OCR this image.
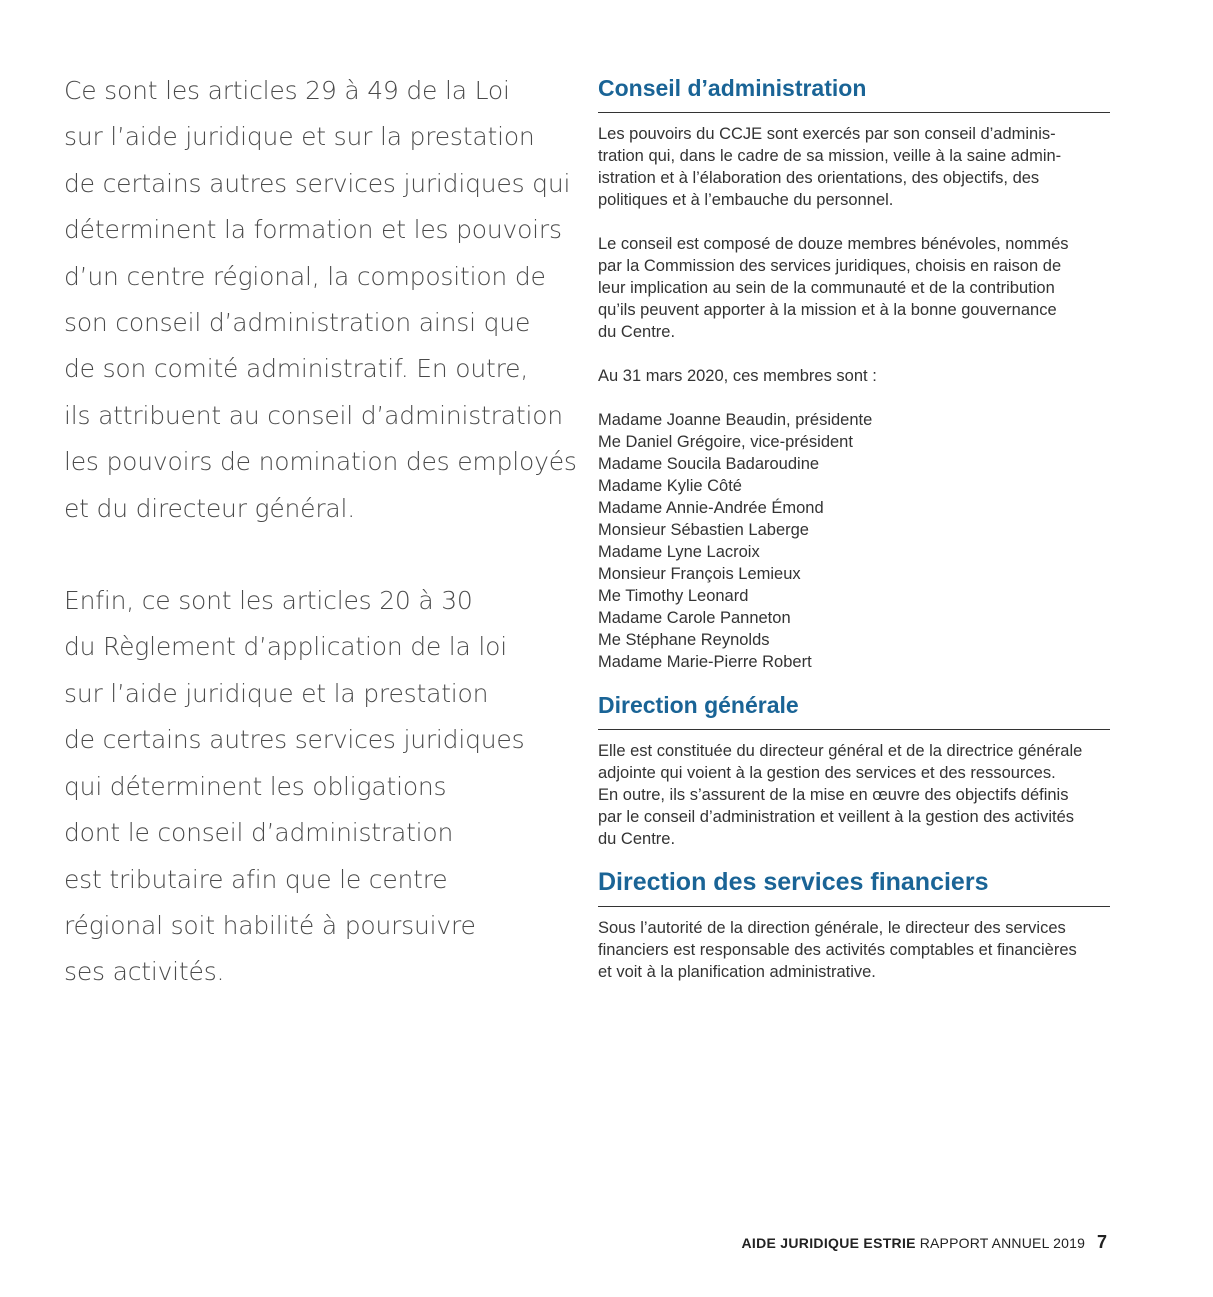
Ce sont les articles 29 à 49 de la Loi
sur l’aide juridique et sur la prestation
de certains autres services juridiques qui
déterminent la formation et les pouvoirs
d’un centre régional, la composition de
son conseil d’administration ainsi que
de son comité administratif. En outre,
ils attribuent au conseil d’administration
les pouvoirs de nomination des employés
et du directeur général.

Enfin, ce sont les articles 20 à 30
du Règlement d’application de la loi
sur l’aide juridique et la prestation
de certains autres services juridiques
qui déterminent les obligations
dont le conseil d’administration
est tributaire afin que le centre
régional soit habilité à poursuivre
ses activités.

Conseil d’administration

Les pouvoirs du CCJE sont exercés par son conseil d’adminis-
tration qui, dans le cadre de sa mission, veille à la saine admin-
istration et à l’élaboration des orientations, des objectifs, des
politiques et à l’embauche du personnel.

Le conseil est composé de douze membres bénévoles, nommés
par la Commission des services juridiques, choisis en raison de
leur implication au sein de la communauté et de la contribution
qu’ils peuvent apporter à la mission et à la bonne gouvernance
du Centre.

Au 31 mars 2020, ces membres sont :

Madame Joanne Beaudin, présidente
Me Daniel Grégoire, vice-président
Madame Soucila Badaroudine
Madame Kylie Côté
Madame Annie-Andrée Émond
Monsieur Sébastien Laberge
Madame Lyne Lacroix
Monsieur François Lemieux
Me Timothy Leonard
Madame Carole Panneton
Me Stéphane Reynolds
Madame Marie-Pierre Robert
Direction générale

Elle est constituée du directeur général et de la directrice générale
adjointe qui voient à la gestion des services et des ressources.
En outre, ils s’assurent de la mise en œuvre des objectifs définis
par le conseil d’administration et veillent à la gestion des activités
du Centre.

Direction des services financiers

Sous l’autorité de la direction générale, le directeur des services
financiers est responsable des activités comptables et financières
et voit à la planification administrative.

AIDE JURIDIQUE ESTRIE RAPPORT ANNUEL 2019 7
